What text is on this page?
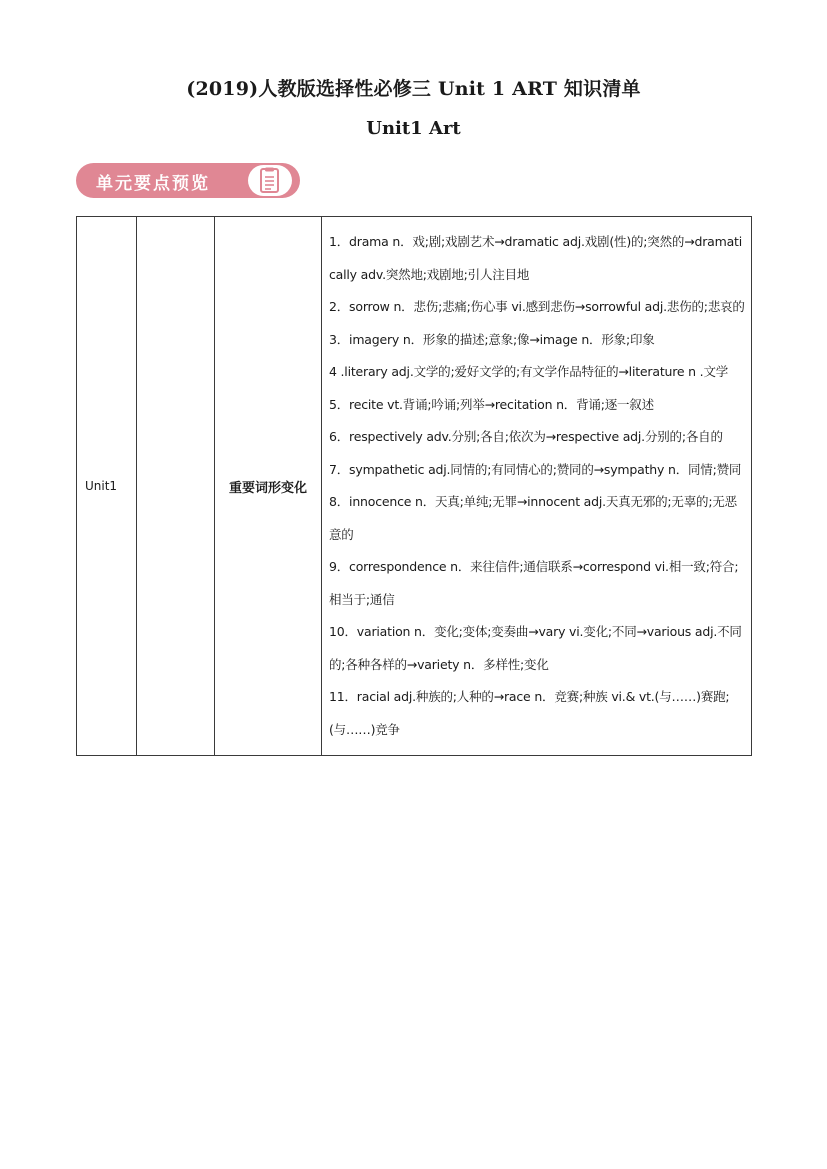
(2019)人教版选择性必修三 Unit 1 ART 知识清单
Unit1 Art
单元要点预览
Unit1		重要词形变化	
1．drama n．戏;剧;戏剧艺术→dramatic adj.戏剧(性)的;突然的→dramatically adv.突然地;戏剧地;引人注目地
2．sorrow n．悲伤;悲痛;伤心事 vi.感到悲伤→sorrowful adj.悲伤的;悲哀的
3．imagery n．形象的描述;意象;像→image n．形象;印象
4 .literary adj.文学的;爱好文学的;有文学作品特征的→literature n .文学
5．recite vt.背诵;吟诵;列举→recitation n．背诵;逐一叙述
6．respectively adv.分别;各自;依次为→respective adj.分别的;各自的
7．sympathetic adj.同情的;有同情心的;赞同的→sympathy n．同情;赞同
8．innocence n．天真;单纯;无罪→innocent adj.天真无邪的;无辜的;无恶意的
9．correspondence n．来往信件;通信联系→correspond vi.相一致;符合;相当于;通信
10．variation n．变化;变体;变奏曲→vary vi.变化;不同→various adj.不同的;各种各样的→variety n．多样性;变化
11．racial adj.种族的;人种的→race n．竞赛;种族 vi.& vt.(与……)赛跑;(与……)竞争
